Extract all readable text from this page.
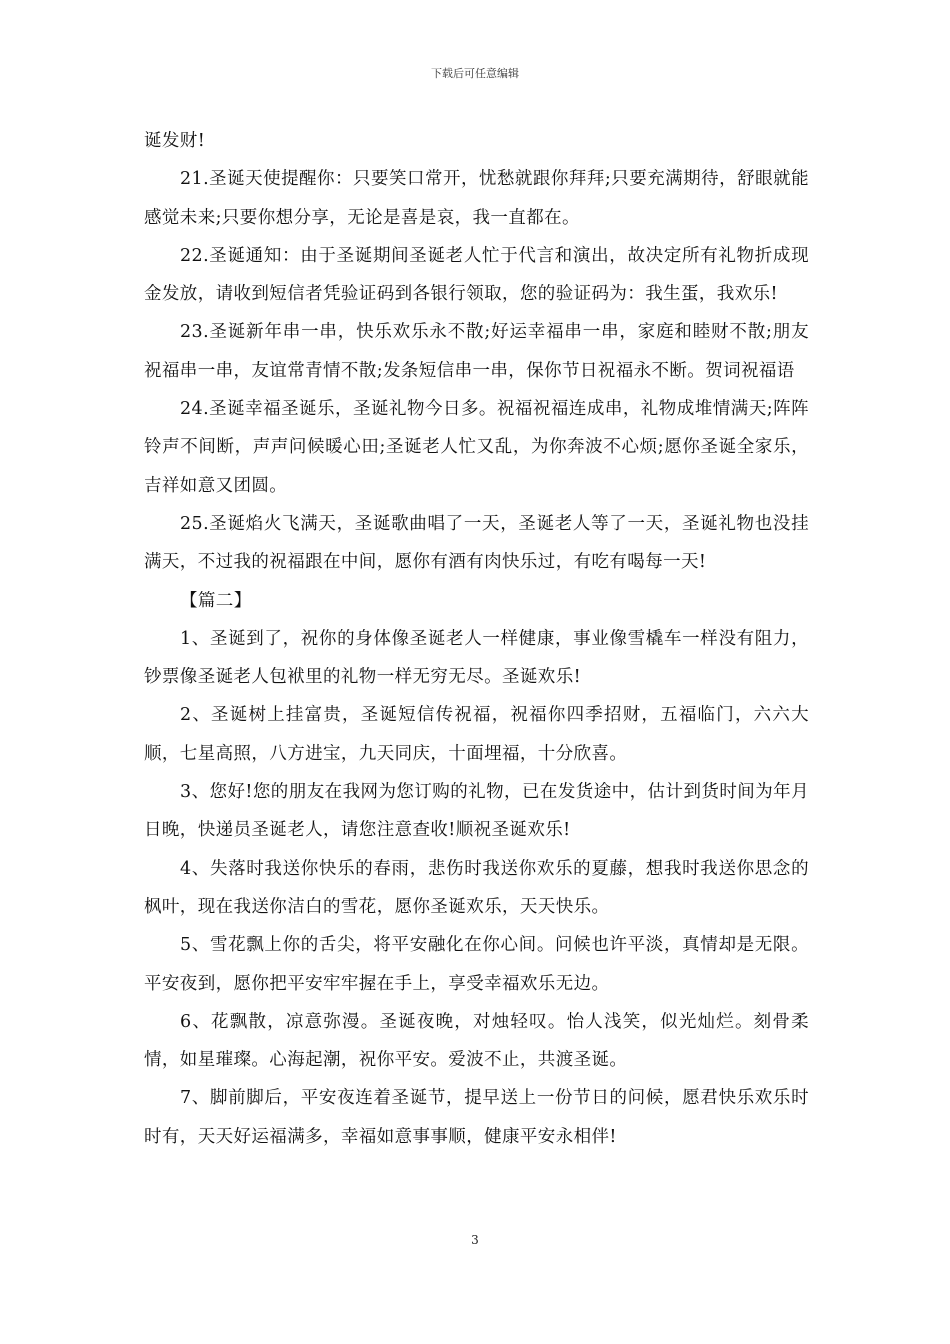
下载后可任意编辑

诞发财!

21.圣诞天使提醒你：只要笑口常开，忧愁就跟你拜拜;只要充满期待，舒眼就能感觉未来;只要你想分享，无论是喜是哀，我一直都在。

22.圣诞通知：由于圣诞期间圣诞老人忙于代言和演出，故决定所有礼物折成现金发放，请收到短信者凭验证码到各银行领取，您的验证码为：我生蛋，我欢乐!

23.圣诞新年串一串，快乐欢乐永不散;好运幸福串一串，家庭和睦财不散;朋友祝福串一串，友谊常青情不散;发条短信串一串，保你节日祝福永不断。贺词祝福语

24.圣诞幸福圣诞乐，圣诞礼物今日多。祝福祝福连成串，礼物成堆情满天;阵阵铃声不间断，声声问候暖心田;圣诞老人忙又乱，为你奔波不心烦;愿你圣诞全家乐，吉祥如意又团圆。

25.圣诞焰火飞满天，圣诞歌曲唱了一天，圣诞老人等了一天，圣诞礼物也没挂满天，不过我的祝福跟在中间，愿你有酒有肉快乐过，有吃有喝每一天!

【篇二】

1、圣诞到了，祝你的身体像圣诞老人一样健康，事业像雪橇车一样没有阻力，钞票像圣诞老人包袱里的礼物一样无穷无尽。圣诞欢乐!

2、圣诞树上挂富贵，圣诞短信传祝福，祝福你四季招财，五福临门，六六大顺，七星高照，八方进宝，九天同庆，十面埋福，十分欣喜。

3、您好!您的朋友在我网为您订购的礼物，已在发货途中，估计到货时间为年月日晚，快递员圣诞老人，请您注意查收!顺祝圣诞欢乐!

4、失落时我送你快乐的春雨，悲伤时我送你欢乐的夏藤，想我时我送你思念的枫叶，现在我送你洁白的雪花，愿你圣诞欢乐，天天快乐。

5、雪花飘上你的舌尖，将平安融化在你心间。问候也许平淡，真情却是无限。平安夜到，愿你把平安牢牢握在手上，享受幸福欢乐无边。

6、花飘散，凉意弥漫。圣诞夜晚，对烛轻叹。怡人浅笑，似光灿烂。刻骨柔情，如星璀璨。心海起潮，祝你平安。爱波不止，共渡圣诞。

7、脚前脚后，平安夜连着圣诞节，提早送上一份节日的问候，愿君快乐欢乐时时有，天天好运福满多，幸福如意事事顺，健康平安永相伴!

3
